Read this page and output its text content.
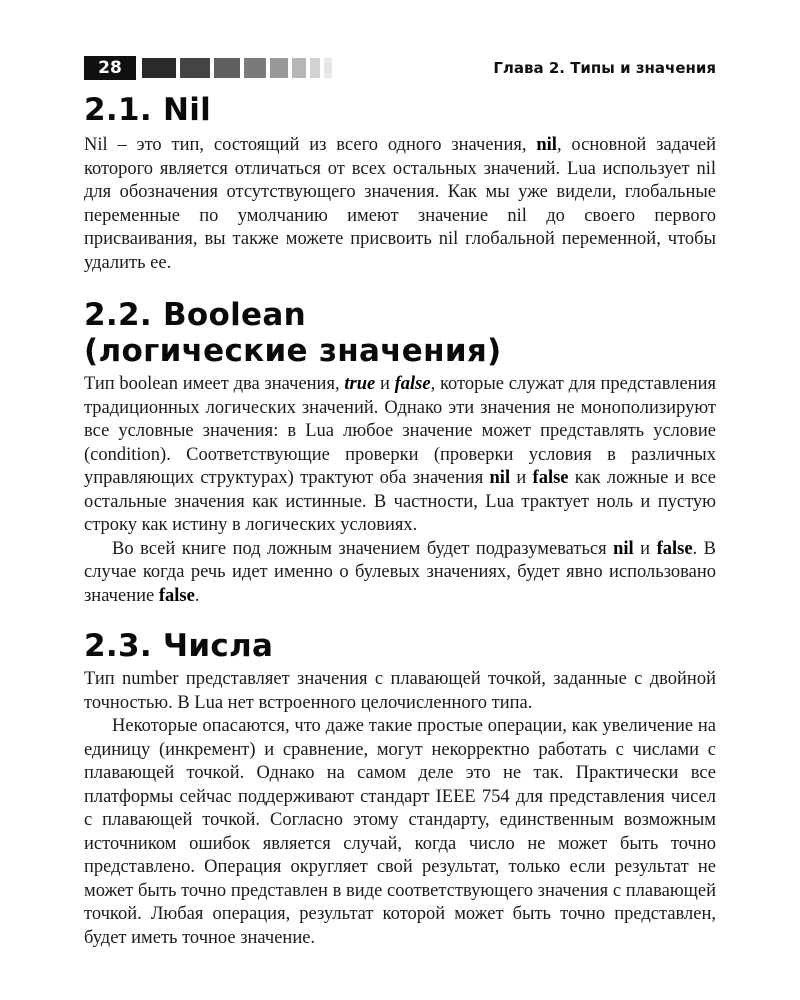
28	Глава 2. Типы и значения
2.1. Nil

Nil – это тип, состоящий из всего одного значения, nil, основной задачей которого является отличаться от всех остальных значений. Lua использует nil для обозначения отсутствующего значения. Как мы уже видели, глобальные переменные по умолчанию имеют значение nil до своего первого присваивания, вы также можете присвоить nil глобальной переменной, чтобы удалить ее.

2.2. Boolean
(логические значения)

Тип boolean имеет два значения, true и false, которые служат для представления традиционных логических значений. Однако эти значения не монополизируют все условные значения: в Lua любое значение может представлять условие (condition). Соответствующие проверки (проверки условия в различных управляющих структурах) трактуют оба значения nil и false как ложные и все остальные значения как истинные. В частности, Lua трактует ноль и пустую строку как истину в логических условиях.

Во всей книге под ложным значением будет подразумеваться nil и false. В случае когда речь идет именно о булевых значениях, будет явно использовано значение false.

2.3. Числа

Тип number представляет значения с плавающей точкой, заданные с двойной точностью. В Lua нет встроенного целочисленного типа.

Некоторые опасаются, что даже такие простые операции, как увеличение на единицу (инкремент) и сравнение, могут некорректно работать с числами с плавающей точкой. Однако на самом деле это не так. Практически все платформы сейчас поддерживают стандарт IEEE 754 для представления чисел с плавающей точкой. Согласно этому стандарту, единственным возможным источником ошибок является случай, когда число не может быть точно представлено. Операция округляет свой результат, только если результат не может быть точно представлен в виде соответствующего значения с плавающей точкой. Любая операция, результат которой может быть точно представлен, будет иметь точное значение.
